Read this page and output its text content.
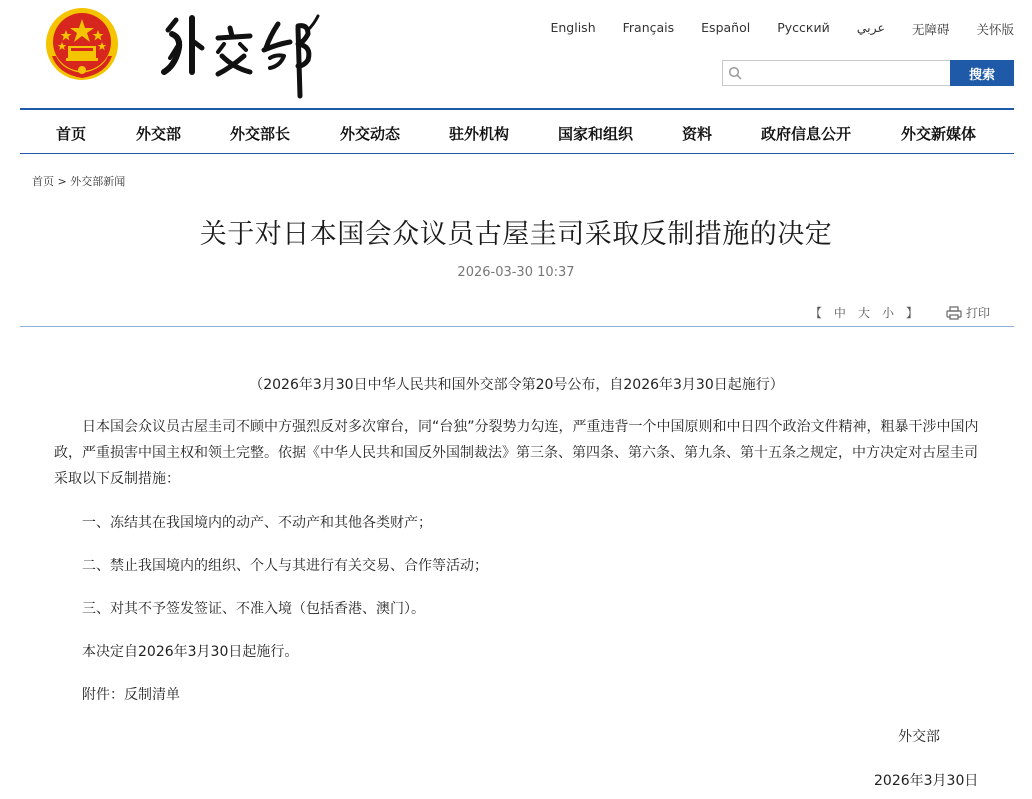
English Français Español Русский عربي 无障碍 关怀版
搜索
首页	外交部	外交部长	外交动态	驻外机构	国家和组织	资料	政府信息公开	外交新媒体
首页 > 外交部新闻
关于对日本国会众议员古屋圭司采取反制措施的决定
2026-03-30 10:37
【 中 大 小 】	打印
（2026年3月30日中华人民共和国外交部令第20号公布，自2026年3月30日起施行）

日本国会众议员古屋圭司不顾中方强烈反对多次窜台，同“台独”分裂势力勾连，严重违背一个中国原则和中日四个政治文件精神，粗暴干涉中国内政，严重损害中国主权和领土完整。依据《中华人民共和国反外国制裁法》第三条、第四条、第六条、第九条、第十五条之规定，中方决定对古屋圭司采取以下反制措施：

一、冻结其在我国境内的动产、不动产和其他各类财产；

二、禁止我国境内的组织、个人与其进行有关交易、合作等活动；

三、对其不予签发签证、不准入境（包括香港、澳门）。

本决定自2026年3月30日起施行。

附件：反制清单

外交部
2026年3月30日
